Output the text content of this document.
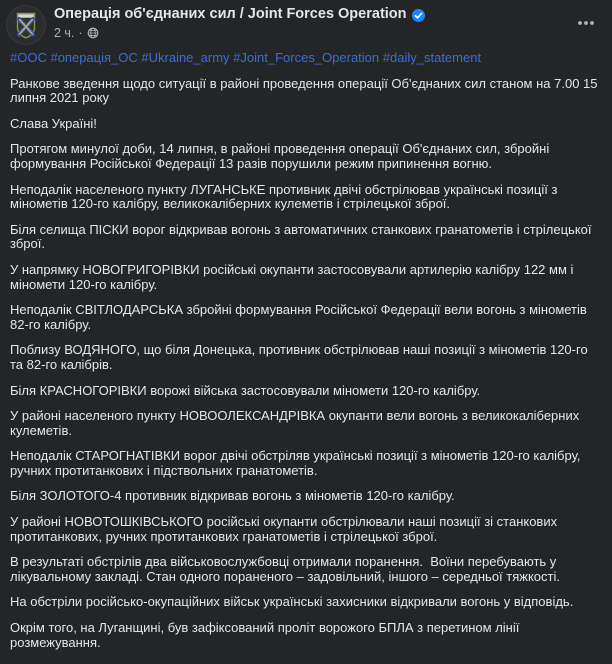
Операція об'єднаних сил / Joint Forces Operation
2 ч. ·

#ООС #операція_ОС #Ukraine_army #Joint_Forces_Operation #daily_statement

Ранкове зведення щодо ситуації в районі проведення операції Об'єднаних сил станом на 7.00 15 липня 2021 року

Слава Україні!

Протягом минулої доби, 14 липня, в районі проведення операції Об'єднаних сил, збройні формування Російської Федерації 13 разів порушили режим припинення вогню.

Неподалік населеного пункту ЛУГАНСЬКЕ противник двічі обстрілював українські позиції з мінометів 120-го калібру, великокаліберних кулеметів і стрілецької зброї.

Біля селища ПІСКИ ворог відкривав вогонь з автоматичних станкових гранатометів і стрілецької зброї.

У напрямку НОВОГРИГОРІВКИ російські окупанти застосовували артилерію калібру 122 мм і міномети 120-го калібру.

Неподалік СВІТЛОДАРСЬКА збройні формування Російської Федерації вели вогонь з мінометів 82-го калібру.

Поблизу ВОДЯНОГО, що біля Донецька, противник обстрілював наші позиції з мінометів 120-го та 82-го калібрів.

Біля КРАСНОГОРІВКИ ворожі війська застосовували міномети 120-го калібру.

У районі населеного пункту НОВООЛЕКСАНДРІВКА окупанти вели вогонь з великокаліберних кулеметів.

Неподалік СТАРОГНАТІВКИ ворог двічі обстріляв українські позиції з мінометів 120-го калібру, ручних протитанкових і підствольних гранатометів.

Біля ЗОЛОТОГО-4 противник відкривав вогонь з мінометів 120-го калібру.

У районі НОВОТОШКІВСЬКОГО російські окупанти обстрілювали наші позиції зі станкових протитанкових, ручних протитанкових гранатометів і стрілецької зброї.

В результаті обстрілів два військовослужбовці отримали поранення.  Воїни перебувають у лікувальному закладі. Стан одного пораненого – задовільний, іншого – середньої тяжкості.

На обстріли російсько-окупаційних військ українські захисники відкривали вогонь у відповідь.

Окрім того, на Луганщині, був зафіксований проліт ворожого БПЛА з перетином лінії розмежування.
